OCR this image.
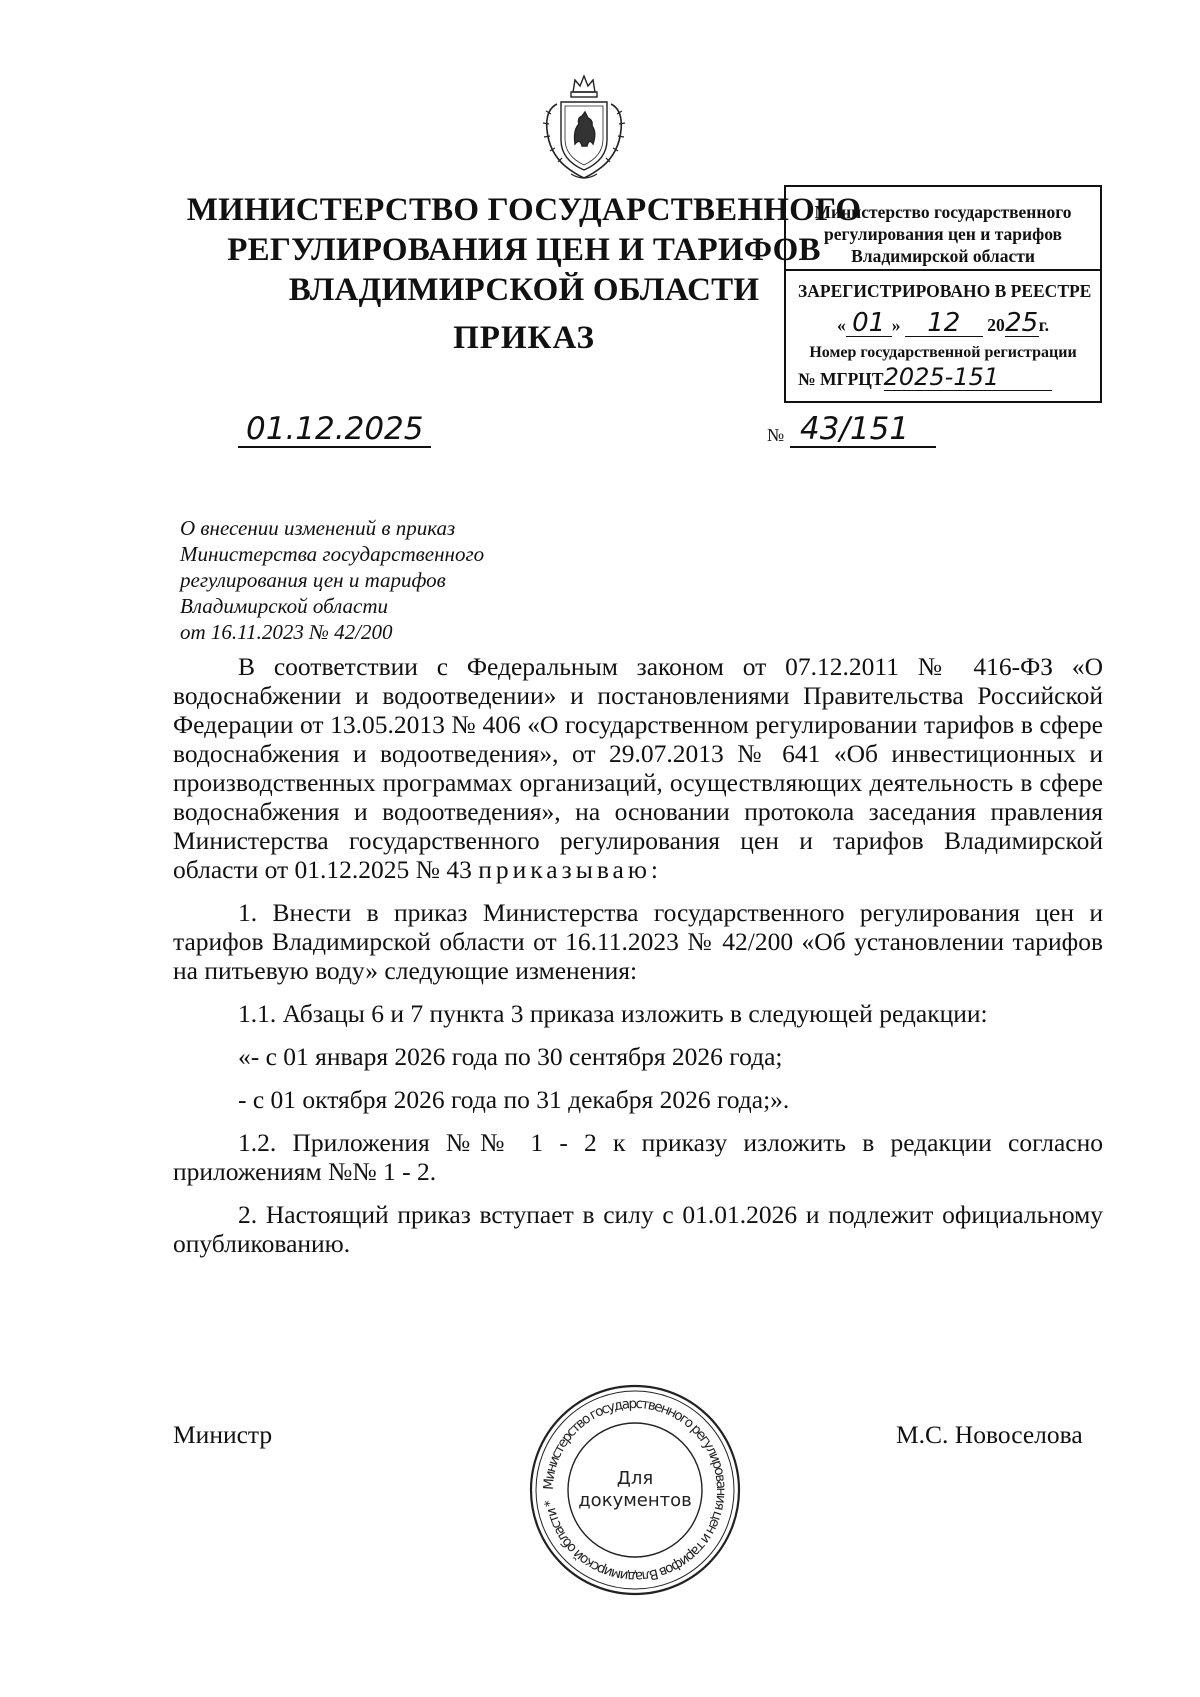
МИНИСТЕРСТВО ГОСУДАРСТВЕННОГО
РЕГУЛИРОВАНИЯ ЦЕН И ТАРИФОВ
ВЛАДИМИРСКОЙ ОБЛАСТИ
ПРИКАЗ
Министерство государственного
регулирования цен и тарифов
Владимирской области
ЗАРЕГИСТРИРОВАНО В РЕЕСТРЕ
« 01 » 12 2025г.
Номер государственной регистрации
№ МГРЦТ2025-151
01.12.2025	№ 43/151
О внесении изменений в приказ
Министерства государственного
регулирования цен и тарифов
Владимирской области
от 16.11.2023 № 42/200

В соответствии с Федеральным законом от 07.12.2011 № 416-ФЗ «О водоснабжении и водоотведении» и постановлениями Правительства Российской Федерации от 13.05.2013 № 406 «О государственном регулировании тарифов в сфере водоснабжения и водоотведения», от 29.07.2013 № 641 «Об инвестиционных и производственных программах организаций, осуществляющих деятельность в сфере водоснабжения и водоотведения», на основании протокола заседания правления Министерства государственного регулирования цен и тарифов Владимирской области от 01.12.2025 № 43 приказываю:

1. Внести в приказ Министерства государственного регулирования цен и тарифов Владимирской области от 16.11.2023 № 42/200 «Об установлении тарифов на питьевую воду» следующие изменения:

1.1. Абзацы 6 и 7 пункта 3 приказа изложить в следующей редакции:

«- с 01 января 2026 года по 30 сентября 2026 года;

- с 01 октября 2026 года по 31 декабря 2026 года;».

1.2. Приложения №№ 1 - 2 к приказу изложить в редакции согласно приложениям №№ 1 - 2.

2. Настоящий приказ вступает в силу с 01.01.2026 и подлежит официальному опубликованию.

Министр	М.С. Новоселова
Министерство государственного регулирования цен и тарифов Владимирской области *
Для
документов
